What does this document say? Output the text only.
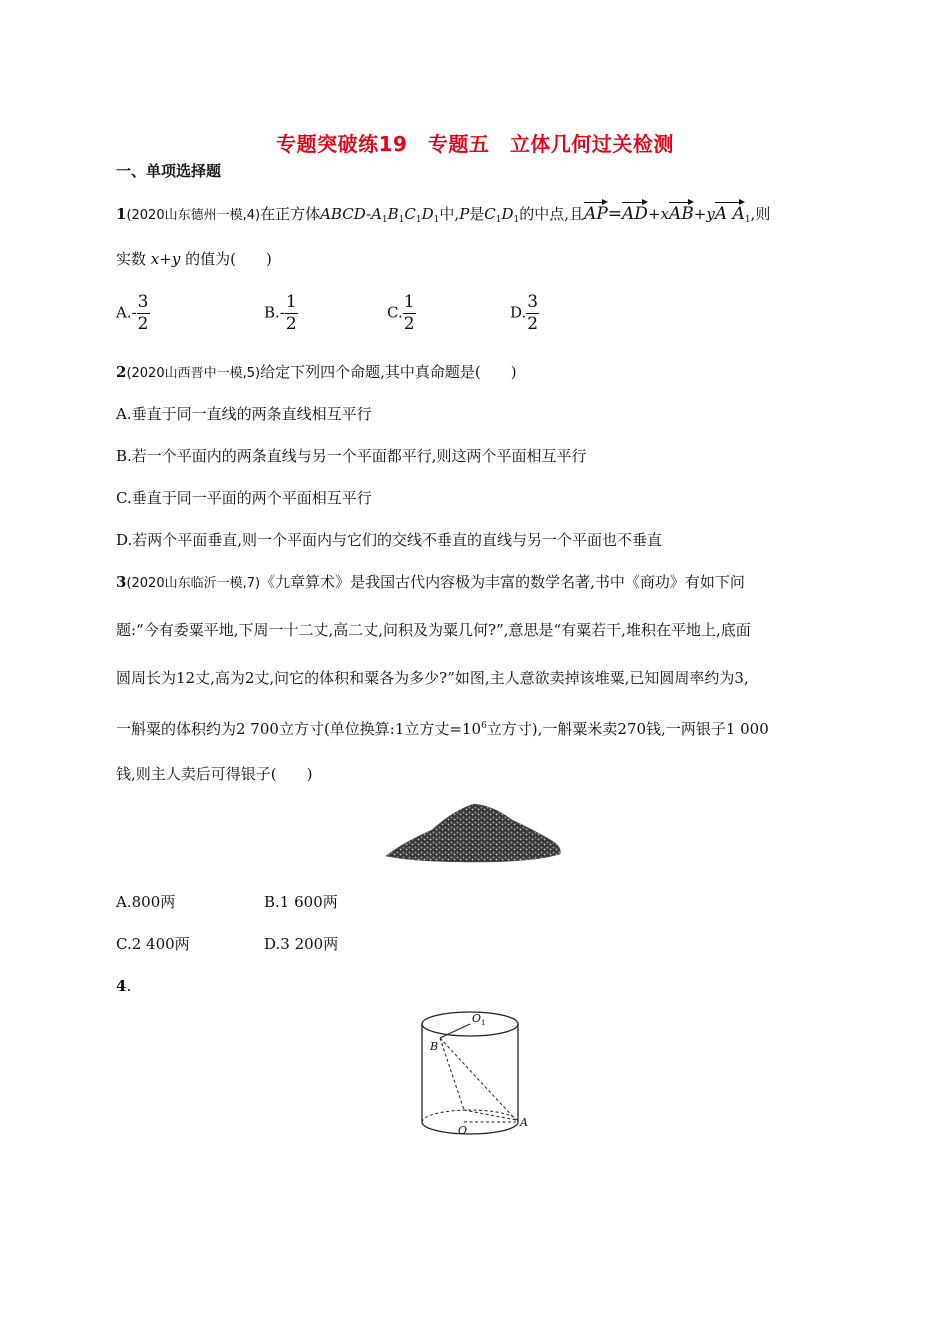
专题突破练19　专题五　立体几何过关检测
一、单项选择题
1(2020山东德州一模,4)在正方体ABCD-$A_1B_1C_1D_1$中,P是$C_1D_1$的中点,且AP=AD+xAB+yA $A_1$,则
实数 x+y 的值为(　　)
$A.- \frac{3}{2}$	$B.- \frac{1}{2}$	C. $\frac{1}{2}$	D. $\frac{3}{2}$
2(2020山西晋中一模,5)给定下列四个命题,其中真命题是(　　)
A.垂直于同一直线的两条直线相互平行
B.若一个平面内的两条直线与另一个平面都平行,则这两个平面相互平行
C.垂直于同一平面的两个平面相互平行
D.若两个平面垂直,则一个平面内与它们的交线不垂直的直线与另一个平面也不垂直
3(2020山东临沂一模,7)《九章算术》是我国古代内容极为丰富的数学名著,书中《商功》有如下问
题:“今有委粟平地,下周一十二丈,高二丈,问积及为粟几何?”,意思是“有粟若干,堆积在平地上,底面
圆周长为12丈,高为2丈,问它的体积和粟各为多少?”如图,主人意欲卖掉该堆粟,已知圆周率约为3,
一斛粟的体积约为2 700立方寸(单位换算:1立方丈$=10^6$立方寸),一斛粟米卖270钱,一两银子1 000
钱,则主人卖后可得银子(　　)
A.800两	B.1 600两
C.2 400两	D.3 200两
4.
O 1
B
O
A
